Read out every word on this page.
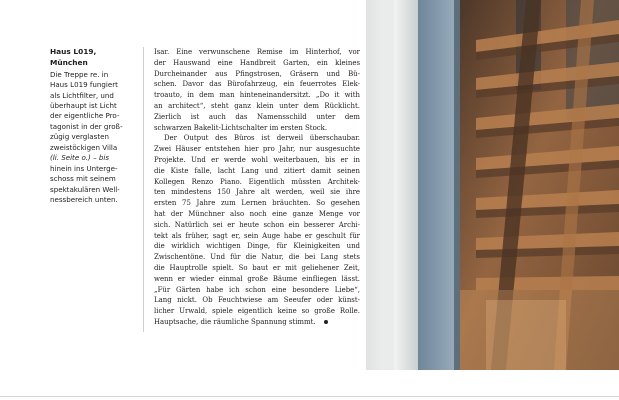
Haus L019,
München

Die Treppe re. in
Haus L019 fungiert
als Lichtfilter, und
überhaupt ist Licht
der eigentliche Pro-
tagonist in der groß-
zügig verglasten
zweistöckigen Villa
(li. Seite o.) – bis
hinein ins Unterge-
schoss mit seinem
spektakulären Well-
nessbereich unten.

Isar. Eine verwunschene Remise im Hinterhof, vor
der Hauswand eine Handbreit Garten, ein kleines
Durcheinander aus Pfingstrosen, Gräsern und Bü-
schen. Davor das Bürofahrzeug, ein feuerrotes Elek-
troauto, in dem man hinteneinandersitzt. „Do it with
an architect“, steht ganz klein unter dem Rücklicht.
Zierlich ist auch das Namensschild unter dem
schwarzen Bakelit-Lichtschalter im ersten Stock.
Der Output des Büros ist derweil überschaubar.
Zwei Häuser entstehen hier pro Jahr, nur ausgesuchte
Projekte. Und er werde wohl weiterbauen, bis er in
die Kiste falle, lacht Lang und zitiert damit seinen
Kollegen Renzo Piano. Eigentlich müssten Architek-
ten mindestens 150 Jahre alt werden, weil sie ihre
ersten 75 Jahre zum Lernen bräuchten. So gesehen
hat der Münchner also noch eine ganze Menge vor
sich. Natürlich sei er heute schon ein besserer Archi-
tekt als früher, sagt er, sein Auge habe er geschult für
die wirklich wichtigen Dinge, für Kleinigkeiten und
Zwischentöne. Und für die Natur, die bei Lang stets
die Hauptrolle spielt. So baut er mit geliehener Zeit,
wenn er wieder einmal große Bäume einfliegen lässt.
„Für Gärten habe ich schon eine besondere Liebe“,
Lang nickt. Ob Feuchtwiese am Seeufer oder künst-
licher Urwald, spiele eigentlich keine so große Rolle.
Hauptsache, die räumliche Spannung stimmt.
